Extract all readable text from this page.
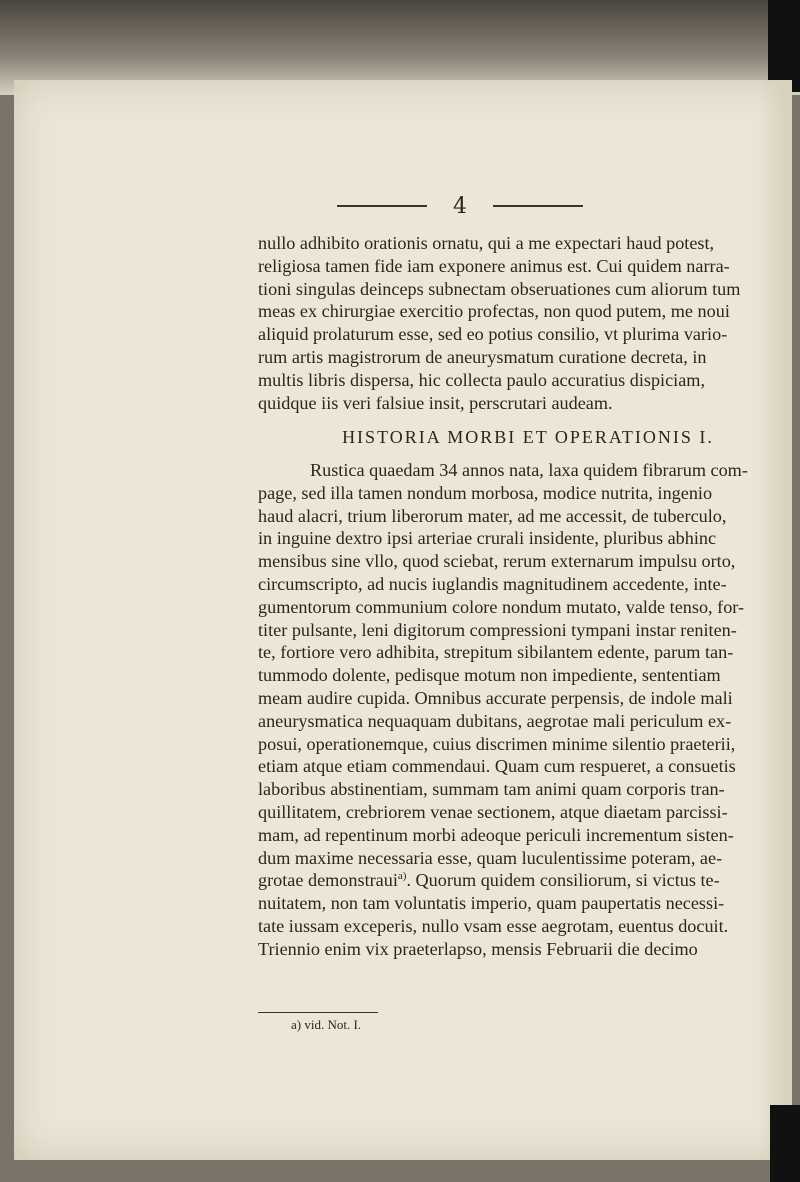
4
nullo adhibito orationis ornatu, qui a me expectari haud potest,
religiosa tamen fide iam exponere animus est. Cui quidem narra-
tioni singulas deinceps subnectam obseruationes cum aliorum tum
meas ex chirurgiae exercitio profectas, non quod putem, me noui
aliquid prolaturum esse, sed eo potius consilio, vt plurima vario-
rum artis magistrorum de aneurysmatum curatione decreta, in
multis libris dispersa, hic collecta paulo accuratius dispiciam,
quidque iis veri falsiue insit, perscrutari audeam.
HISTORIA MORBI ET OPERATIONIS I.
Rustica quaedam 34 annos nata, laxa quidem fibrarum com-
page, sed illa tamen nondum morbosa, modice nutrita, ingenio
haud alacri, trium liberorum mater, ad me accessit, de tuberculo,
in inguine dextro ipsi arteriae crurali insidente, pluribus abhinc
mensibus sine vllo, quod sciebat, rerum externarum impulsu orto,
circumscripto, ad nucis iuglandis magnitudinem accedente, inte-
gumentorum communium colore nondum mutato, valde tenso, for-
titer pulsante, leni digitorum compressioni tympani instar reniten-
te, fortiore vero adhibita, strepitum sibilantem edente, parum tan-
tummodo dolente, pedisque motum non impediente, sententiam
meam audire cupida. Omnibus accurate perpensis, de indole mali
aneurysmatica nequaquam dubitans, aegrotae mali periculum ex-
posui, operationemque, cuius discrimen minime silentio praeterii,
etiam atque etiam commendaui. Quam cum respueret, a consuetis
laboribus abstinentiam, summam tam animi quam corporis tran-
quillitatem, crebriorem venae sectionem, atque diaetam parcissi-
mam, ad repentinum morbi adeoque periculi incrementum sisten-
dum maxime necessaria esse, quam luculentissime poteram, ae-
grotae demonstraui$^{a)}$. Quorum quidem consiliorum, si victus te-
nuitatem, non tam voluntatis imperio, quam paupertatis necessi-
tate iussam exceperis, nullo vsam esse aegrotam, euentus docuit.
Triennio enim vix praeterlapso, mensis Februarii die decimo
a) vid. Not. I.
